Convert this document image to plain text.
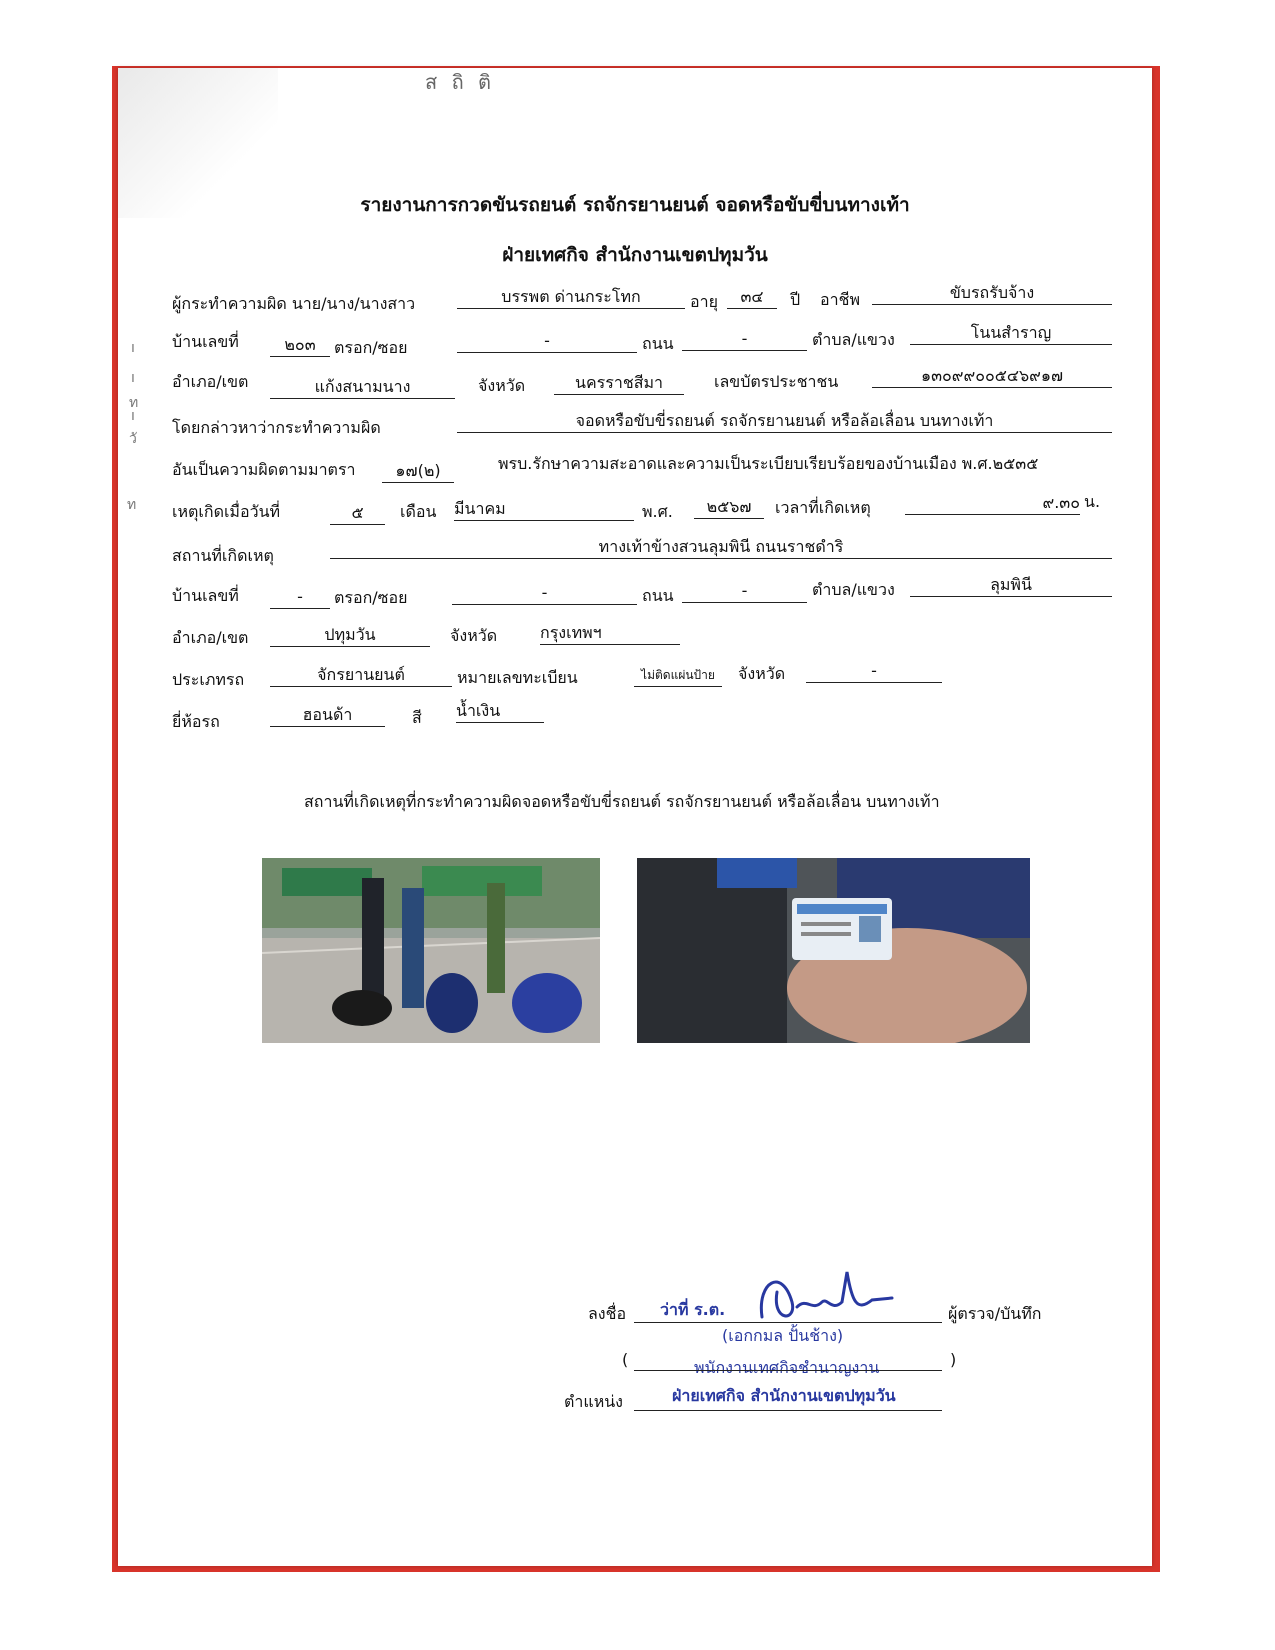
ส ถิ ติ
ı
ı
ท
ı
วั
ท
รายงานการกวดขันรถยนต์ รถจักรยานยนต์ จอดหรือขับขี่บนทางเท้า
ฝ่ายเทศกิจ สำนักงานเขตปทุมวัน
ผู้กระทำความผิด นาย/นาง/นางสาว	บรรพต ด่านกระโทก	อายุ	๓๔	ปี อาชีพ	ขับรถรับจ้าง
บ้านเลขที่	๒๐๓	ตรอก/ซอย	-	ถนน	-	ตำบล/แขวง	โนนสำราญ
อำเภอ/เขต	แก้งสนามนาง	จังหวัด	นครราชสีมา	เลขบัตรประชาชน	๑๓๐๙๙๐๐๕๔๖๙๑๗
โดยกล่าวหาว่ากระทำความผิด	จอดหรือขับขี่รถยนต์ รถจักรยานยนต์ หรือล้อเลื่อน บนทางเท้า
อันเป็นความผิดตามมาตรา	๑๗(๒)	พรบ.รักษาความสะอาดและความเป็นระเบียบเรียบร้อยของบ้านเมือง พ.ศ.๒๕๓๕
เหตุเกิดเมื่อวันที่	๕	เดือน มีนาคม	พ.ศ.	๒๕๖๗	เวลาที่เกิดเหตุ	๙.๓๐ น.
สถานที่เกิดเหตุ	ทางเท้าข้างสวนลุมพินี ถนนราชดำริ
บ้านเลขที่	-	ตรอก/ซอย	-	ถนน	-	ตำบล/แขวง	ลุมพินี
อำเภอ/เขต	ปทุมวัน	จังหวัด	กรุงเทพฯ
ประเภทรถ	จักรยานยนต์	หมายเลขทะเบียน	ไม่ติดแผ่นป้าย	จังหวัด	-
ยี่ห้อรถ	ฮอนด้า	สี น้ำเงิน
สถานที่เกิดเหตุที่กระทำความผิดจอดหรือขับขี่รถยนต์ รถจักรยานยนต์ หรือล้อเลื่อน บนทางเท้า
ลงชื่อ ว่าที่ ร.ต.	ผู้ตรวจ/บันทึก
(เอกกมล ปั้นช้าง)
(	พนักงานเทศกิจชำนาญงาน	)
ตำแหน่ง	ฝ่ายเทศกิจ สำนักงานเขตปทุมวัน
